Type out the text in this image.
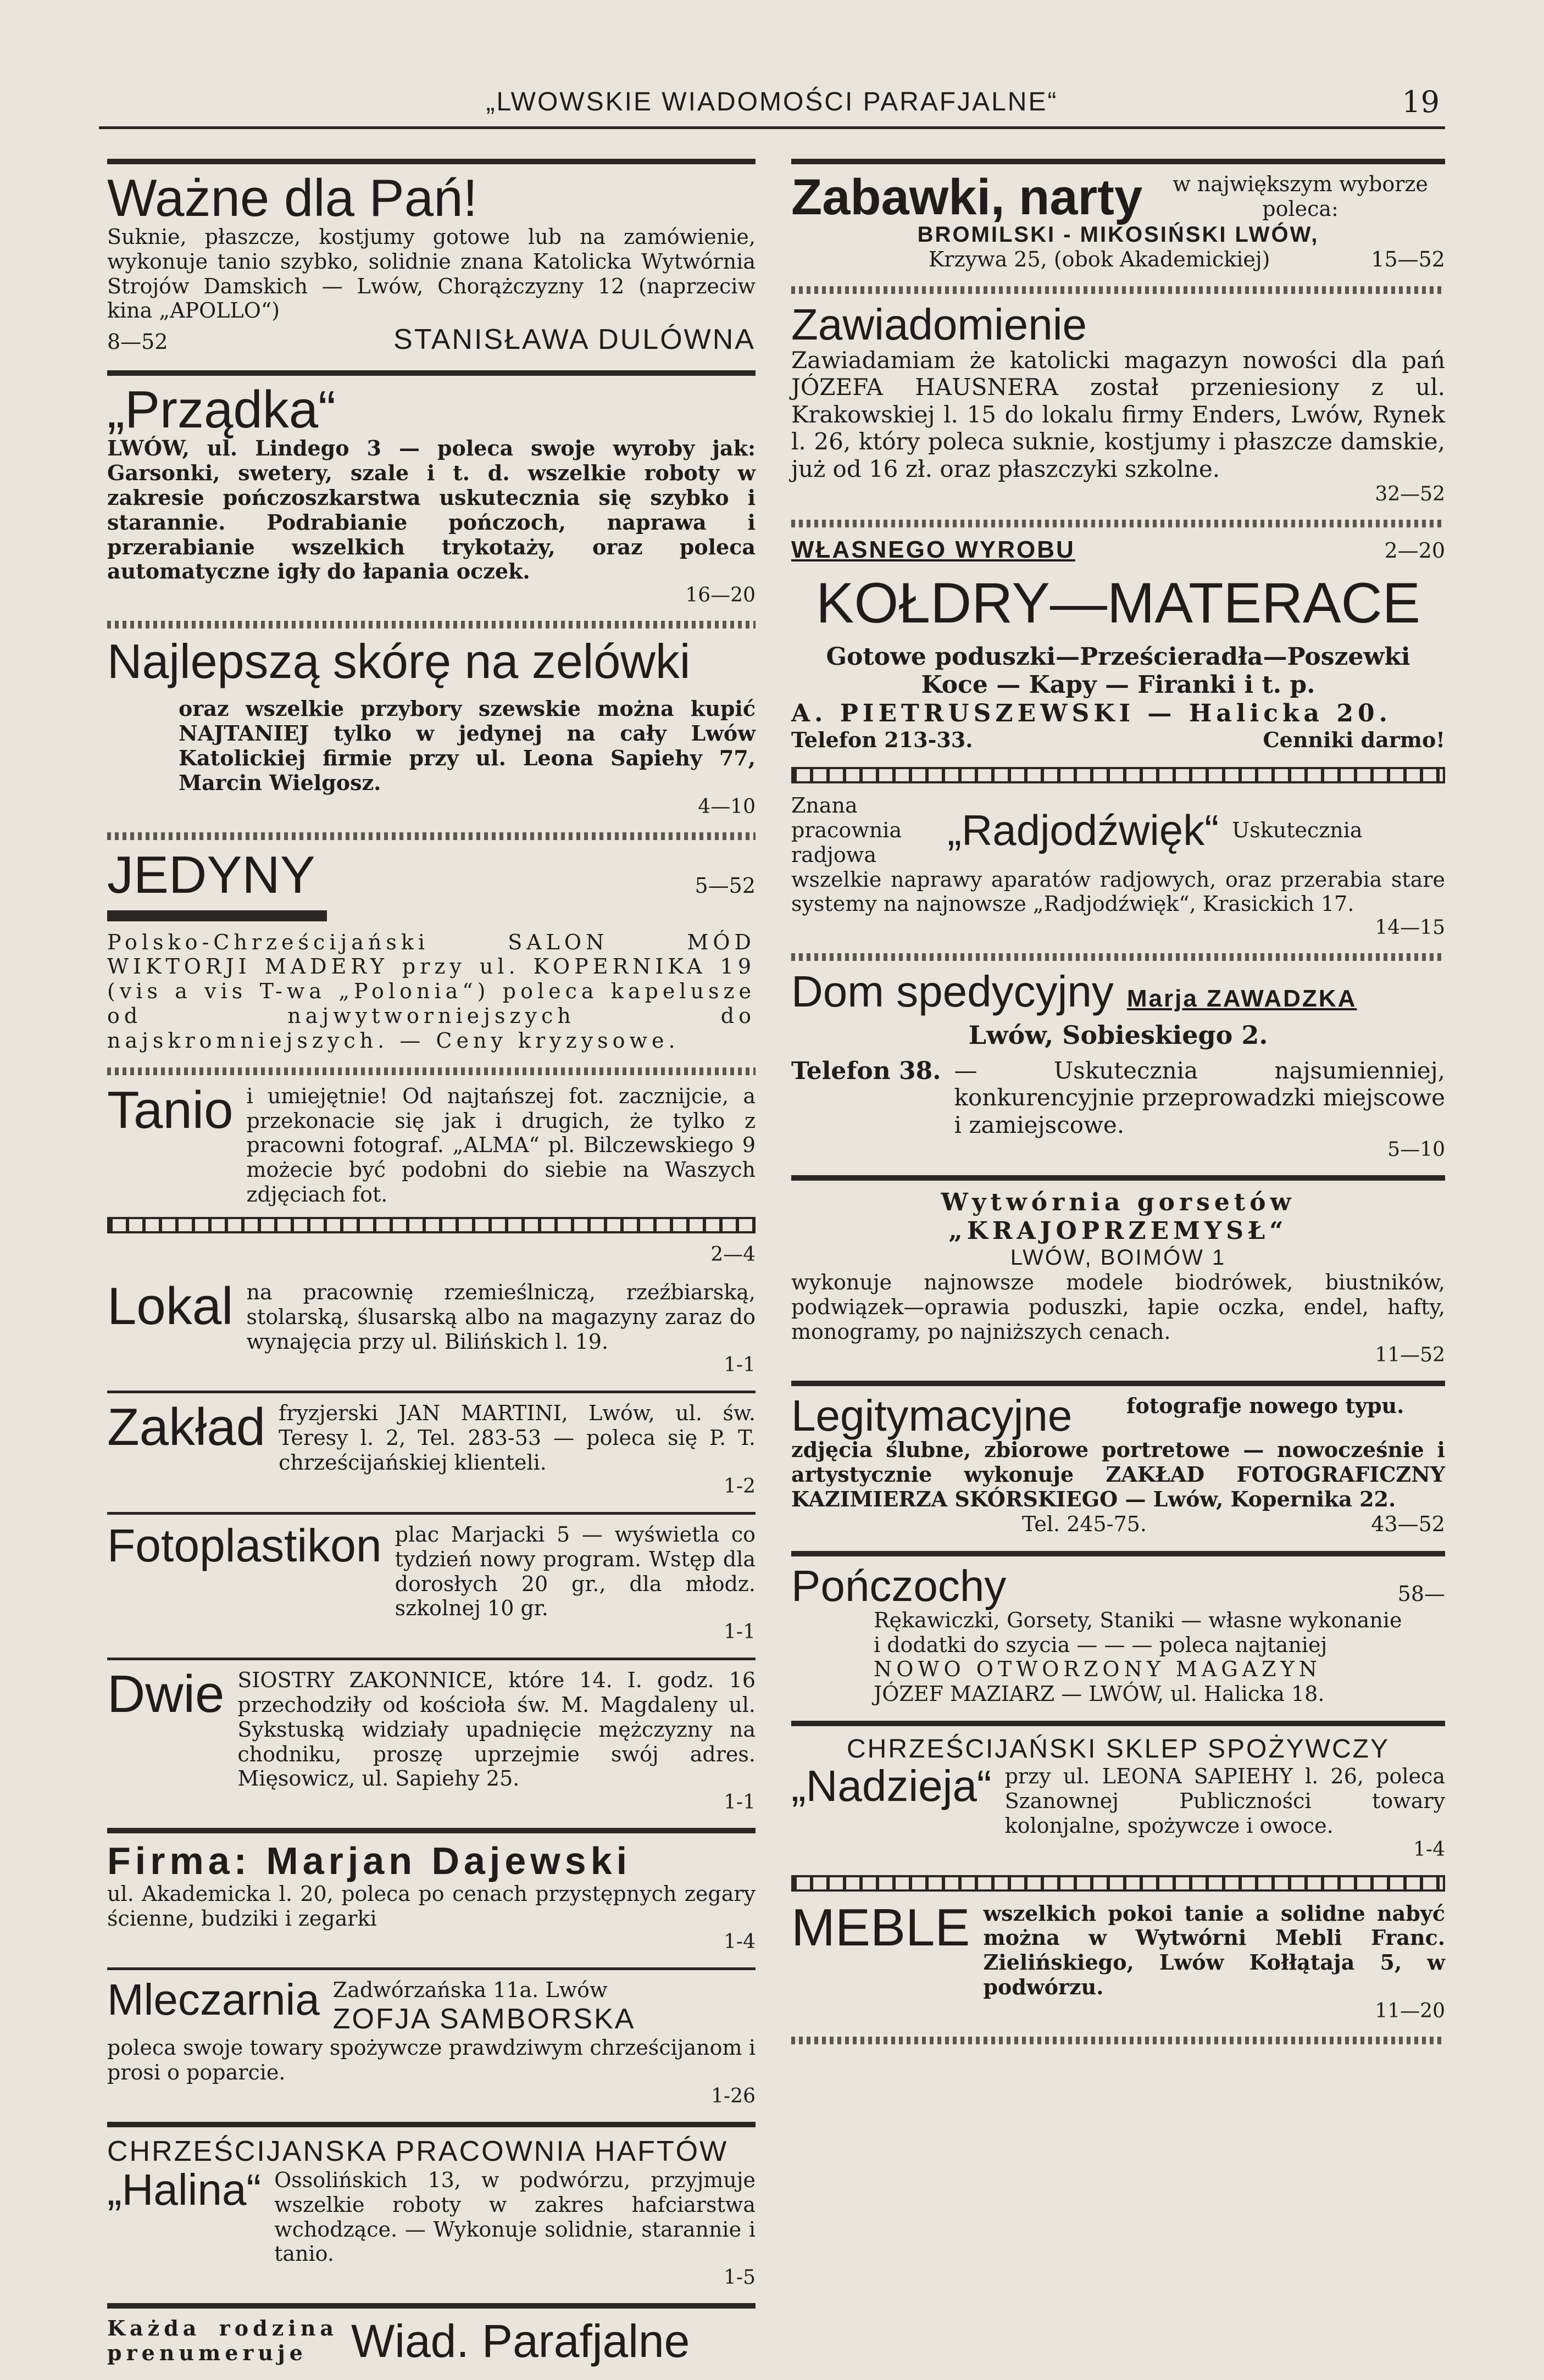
„LWOWSKIE WIADOMOŚCI PARAFJALNE“	19
Ważne dla Pań!
Suknie, płaszcze, kostjumy gotowe lub na zamówienie, wykonuje tanio szybko, solidnie znana Katolicka Wytwórnia Strojów Damskich — Lwów, Chorążczyzny 12 (naprzeciw kina „APOLLO“)
8—52	STANISŁAWA DULÓWNA
„Prządka“
LWÓW, ul. Lindego 3 — poleca swoje wyroby jak: Garsonki, swetery, szale i t. d. wszelkie roboty w zakresie pończoszkarstwa uskutecznia się szybko i starannie. Podrabianie pończoch, naprawa i przerabianie wszelkich trykotaży, oraz poleca automatyczne igły do łapania oczek.
16—20
Najlepszą skórę na zelówki
oraz wszelkie przybory szewskie można kupić NAJTANIEJ tylko w jedynej na cały Lwów Katolickiej firmie przy ul. Leona Sapiehy 77, Marcin Wielgosz.
4—10
JEDYNY	5—52
Polsko-Chrześcijański SALON MÓD WIKTORJI MADERY przy ul. KOPERNIKA 19 (vis a vis T-wa „Polonia“) poleca kapelusze od najwytworniejszych do najskromniejszych. — Ceny kryzysowe.
Tanio i umiejętnie! Od najtańszej fot. zacznijcie, a przekonacie się jak i drugich, że tylko z pracowni fotograf. „ALMA“ pl. Bilczewskiego 9 możecie być podobni do siebie na Waszych zdjęciach fot.
2—4
Lokal na pracownię rzemieślniczą, rzeźbiarską, stolarską, ślusarską albo na magazyny zaraz do wynajęcia przy ul. Bilińskich l. 19.
1-1
Zakład fryzjerski JAN MARTINI, Lwów, ul. św. Teresy l. 2, Tel. 283-53 — poleca się P. T. chrześcijańskiej klienteli.
1-2
Fotoplastikon plac Marjacki 5 — wyświetla co tydzień nowy program. Wstęp dla dorosłych 20 gr., dla młodz. szkolnej 10 gr.
1-1
Dwie SIOSTRY ZAKONNICE, które 14. I. godz. 16 przechodziły od kościoła św. M. Magdaleny ul. Sykstuską widziały upadnięcie mężczyzny na chodniku, proszę uprzejmie swój adres. Mięsowicz, ul. Sapiehy 25.
1-1
Firma: Marjan Dajewski
ul. Akademicka l. 20, poleca po cenach przystępnych zegary ścienne, budziki i zegarki
1-4
Mleczarnia Zadwórzańska 11a. Lwów
ZOFJA SAMBORSKA
poleca swoje towary spożywcze prawdziwym chrześcijanom i prosi o poparcie.
1-26
CHRZEŚCIJANSKA PRACOWNIA HAFTÓW
„Halina“ Ossolińskich 13, w podwórzu, przyjmuje wszelkie roboty w zakres hafciarstwa wchodzące. — Wykonuje solidnie, starannie i tanio.
1-5
Każda rodzina prenumeruje Wiad. Parafjalne
Zabawki, narty	w największym wyborze poleca:
BROMILSKI - MIKOSIŃSKI LWÓW,
Krzywa 25, (obok Akademickiej)	15—52
Zawiadomienie
Zawiadamiam że katolicki magazyn nowości dla pań JÓZEFA HAUSNERA został przeniesiony z ul. Krakowskiej l. 15 do lokalu firmy Enders, Lwów, Rynek l. 26, który poleca suknie, kostjumy i płaszcze damskie, już od 16 zł. oraz płaszczyki szkolne.
32—52
WŁASNEGO WYROBU	2—20
KOŁDRY—MATERACE
Gotowe poduszki—Prześcieradła—Poszewki
Koce — Kapy — Firanki i t. p.
A. PIETRUSZEWSKI — Halicka 20.
Telefon 213-33.	Cenniki darmo!
Znana pracownia radjowa
„Radjodźwięk“ Uskutecznia
wszelkie naprawy aparatów radjowych, oraz przerabia stare systemy na najnowsze „Radjodźwięk“, Krasickich 17.
14—15
Dom spedycyjny Marja ZAWADZKA
Lwów, Sobieskiego 2.
Telefon 38. — Uskutecznia najsumienniej, konkurencyjnie przeprowadzki miejscowe i zamiejscowe.
5—10
Wytwórnia gorsetów „KRAJOPRZEMYSŁ“
LWÓW, BOIMÓW 1
wykonuje najnowsze modele biodrówek, biustników, podwiązek—oprawia poduszki, łapie oczka, endel, hafty, monogramy, po najniższych cenach.
11—52
Legitymacyjne	fotografje nowego typu.
zdjęcia ślubne, zbiorowe portretowe — nowocześnie i artystycznie wykonuje ZAKŁAD FOTOGRAFICZNY KAZIMIERZA SKÓRSKIEGO — Lwów, Kopernika 22.
Tel. 245-75.	43—52
Pończochy	58—
Rękawiczki, Gorsety, Staniki — własne wykonanie
i dodatki do szycia — — — poleca najtaniej
NOWO OTWORZONY MAGAZYN
JÓZEF MAZIARZ — LWÓW, ul. Halicka 18.
CHRZEŚCIJAŃSKI SKLEP SPOŻYWCZY
„Nadzieja“ przy ul. LEONA SAPIEHY l. 26, poleca Szanownej Publiczności towary kolonjalne, spożywcze i owoce.
1-4
MEBLE wszelkich pokoi tanie a solidne nabyć można w Wytwórni Mebli Franc. Zielińskiego, Lwów Kołłątaja 5, w podwórzu.
11—20
